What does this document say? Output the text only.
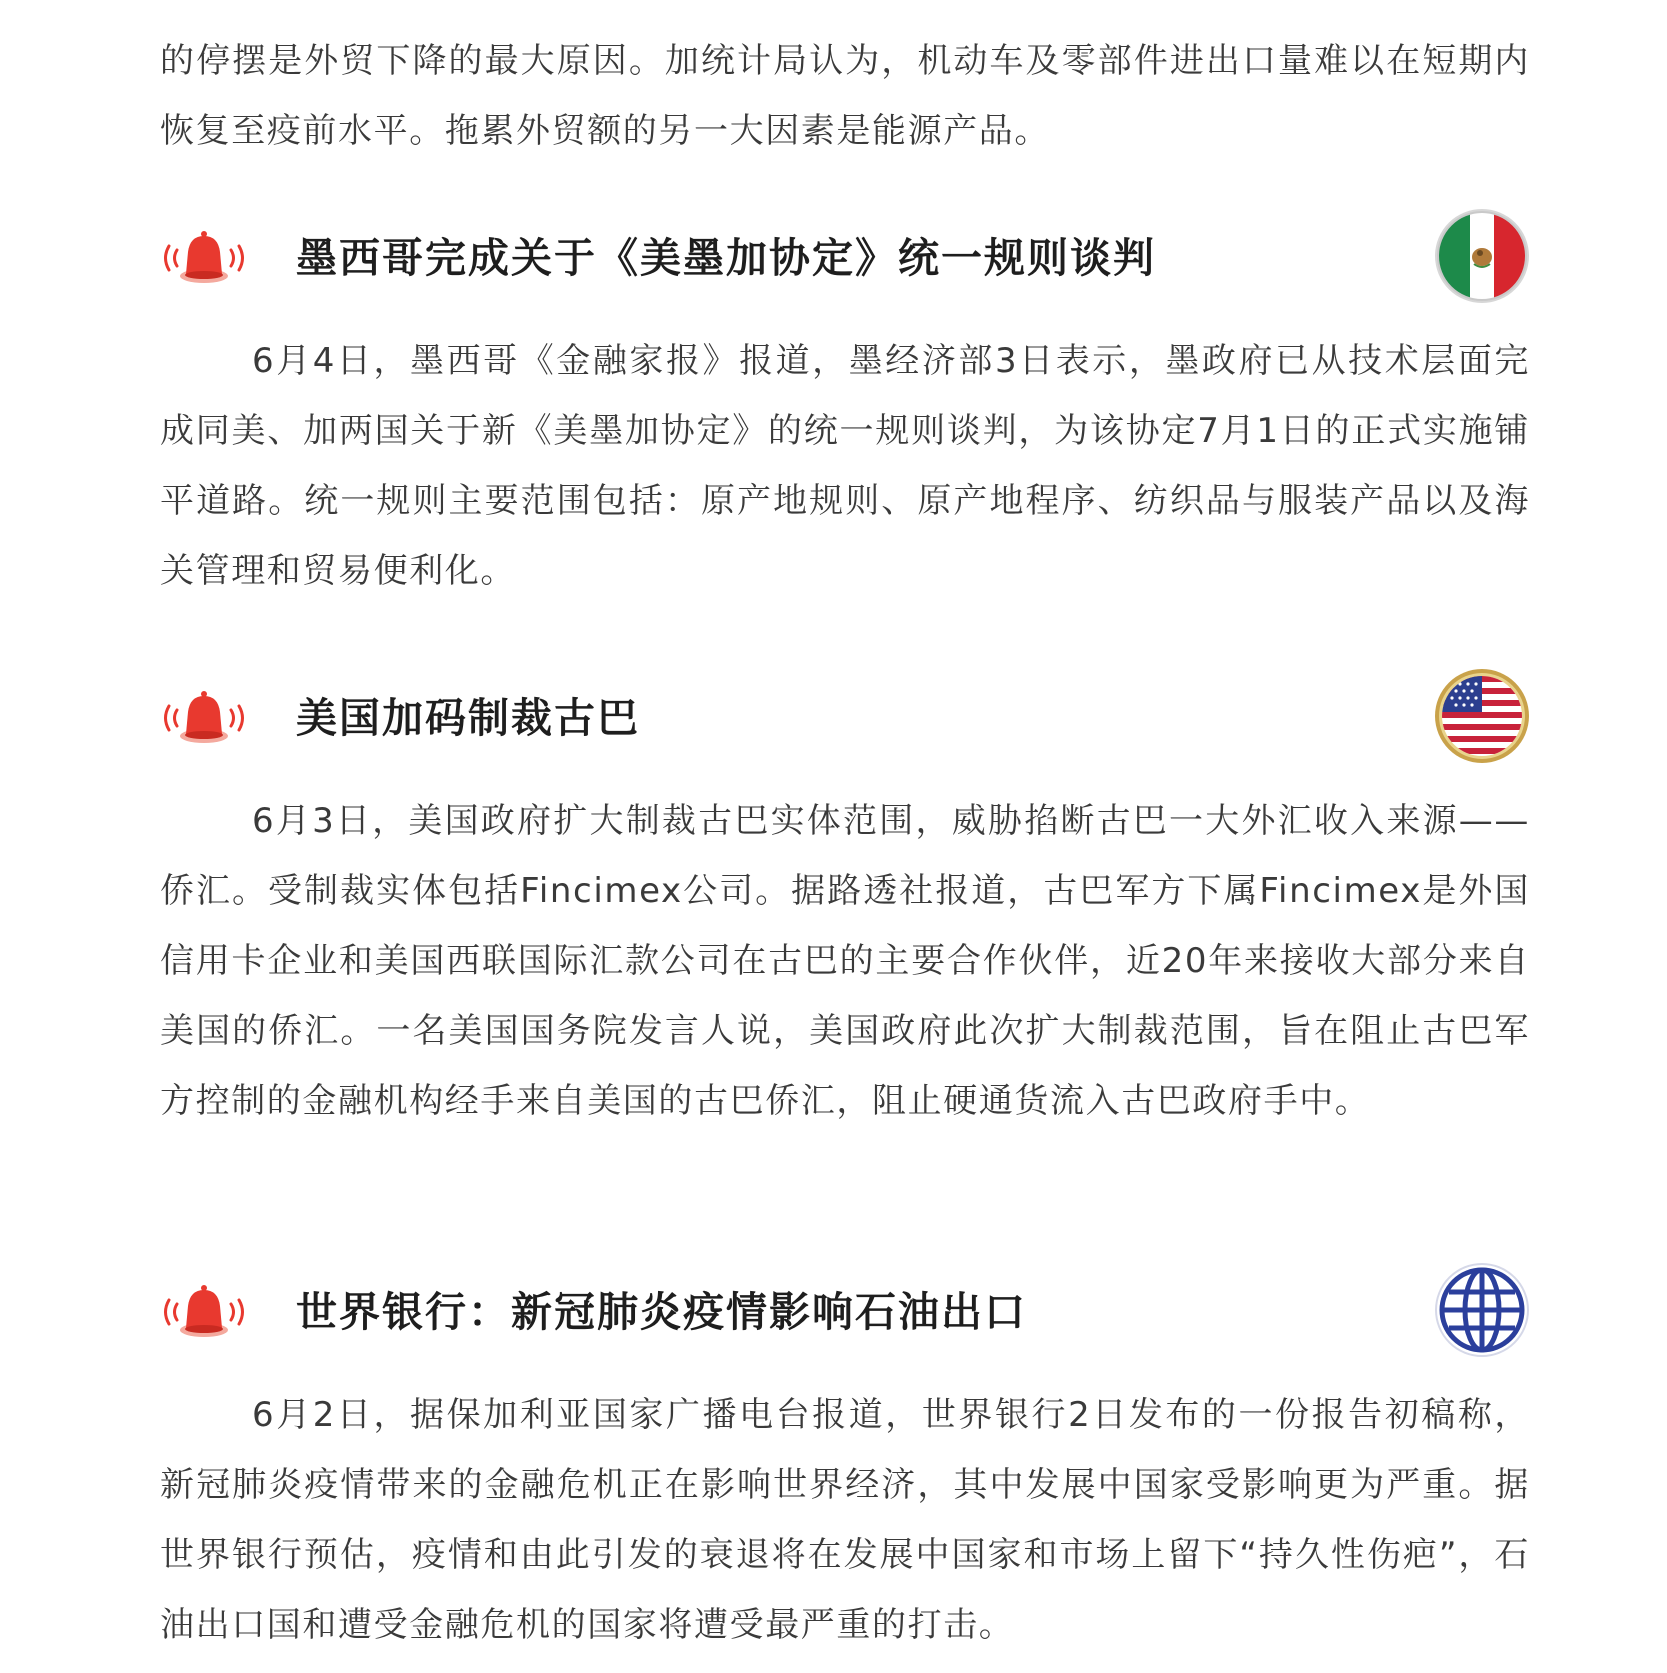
的停摆是外贸下降的最大原因。加统计局认为，机动车及零部件进出口量难以在短期内恢复至疫前水平。拖累外贸额的另一大因素是能源产品。

墨西哥完成关于《美墨加协定》统一规则谈判

6月4日，墨西哥《金融家报》报道，墨经济部3日表示，墨政府已从技术层面完成同美、加两国关于新《美墨加协定》的统一规则谈判，为该协定7月1日的正式实施铺平道路。统一规则主要范围包括：原产地规则、原产地程序、纺织品与服装产品以及海关管理和贸易便利化。

美国加码制裁古巴

6月3日，美国政府扩大制裁古巴实体范围，威胁掐断古巴一大外汇收入来源——侨汇。受制裁实体包括Fincimex公司。据路透社报道，古巴军方下属Fincimex是外国信用卡企业和美国西联国际汇款公司在古巴的主要合作伙伴，近20年来接收大部分来自美国的侨汇。一名美国国务院发言人说，美国政府此次扩大制裁范围，旨在阻止古巴军方控制的金融机构经手来自美国的古巴侨汇，阻止硬通货流入古巴政府手中。

世界银行：新冠肺炎疫情影响石油出口

6月2日，据保加利亚国家广播电台报道，世界银行2日发布的一份报告初稿称，新冠肺炎疫情带来的金融危机正在影响世界经济，其中发展中国家受影响更为严重。据世界银行预估，疫情和由此引发的衰退将在发展中国家和市场上留下“持久性伤疤”，石油出口国和遭受金融危机的国家将遭受最严重的打击。
